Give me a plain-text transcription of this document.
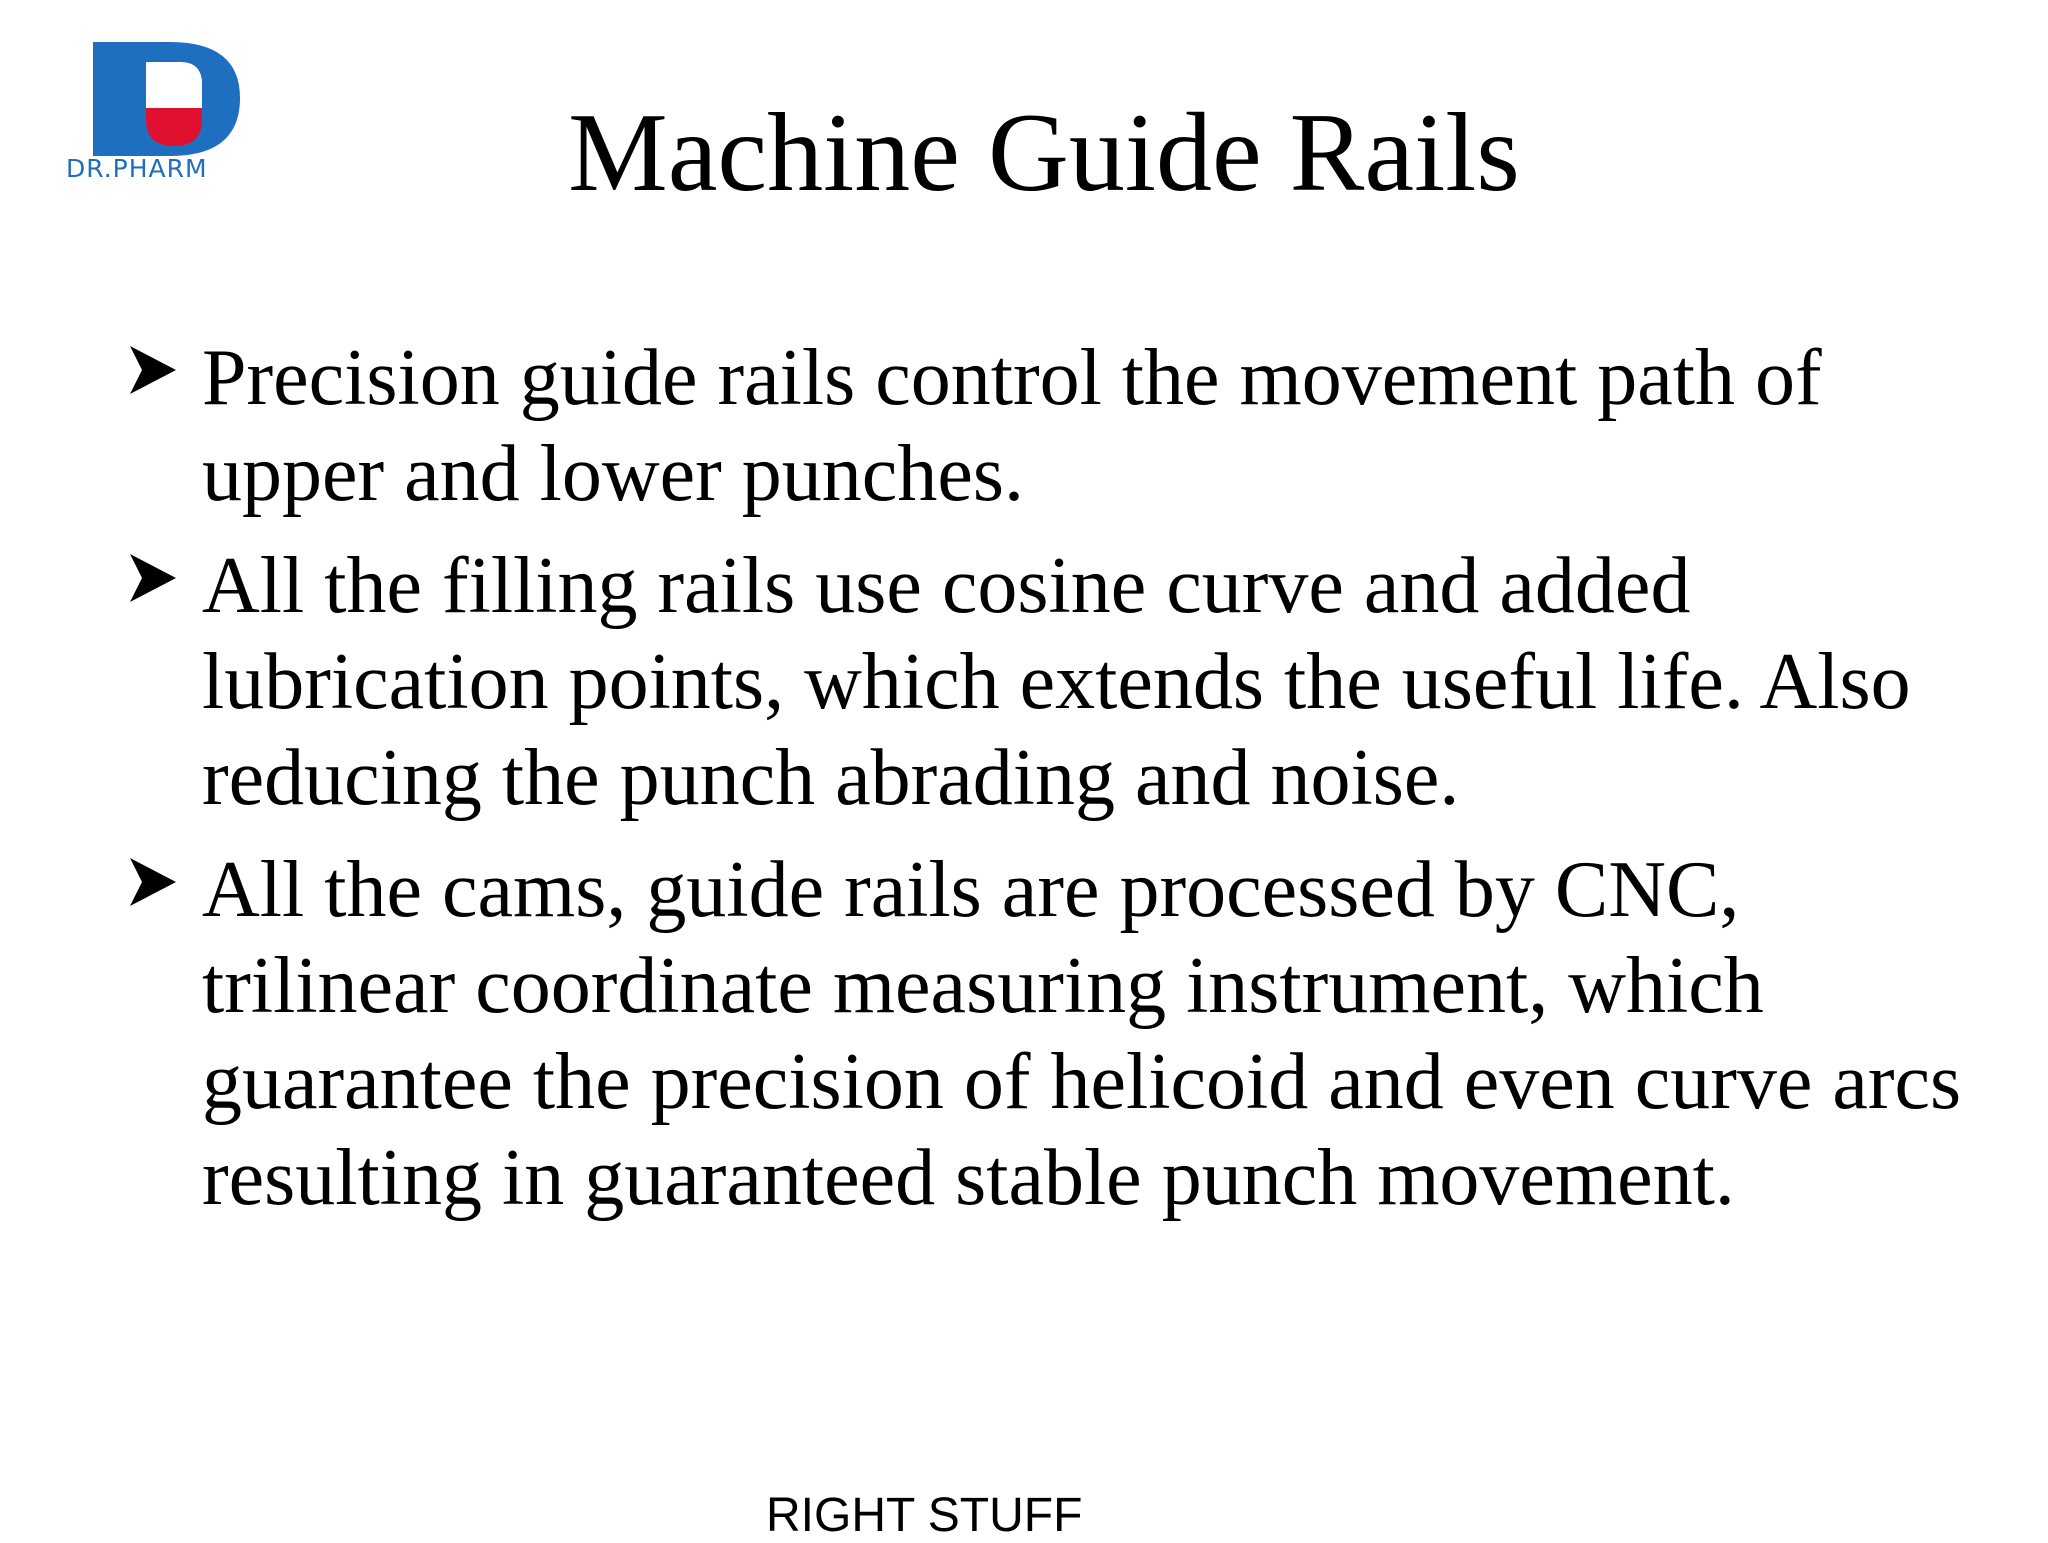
DR.PHARM	Machine Guide Rails
Precision guide rails control the movement path of
upper and lower punches.
All the filling rails use cosine curve and added
lubrication points, which extends the useful life. Also
reducing the punch abrading and noise.
All the cams, guide rails are processed by CNC,
trilinear coordinate measuring instrument, which
guarantee the precision of helicoid and even curve arcs
resulting in guaranteed stable punch movement.
RIGHT STUFF
